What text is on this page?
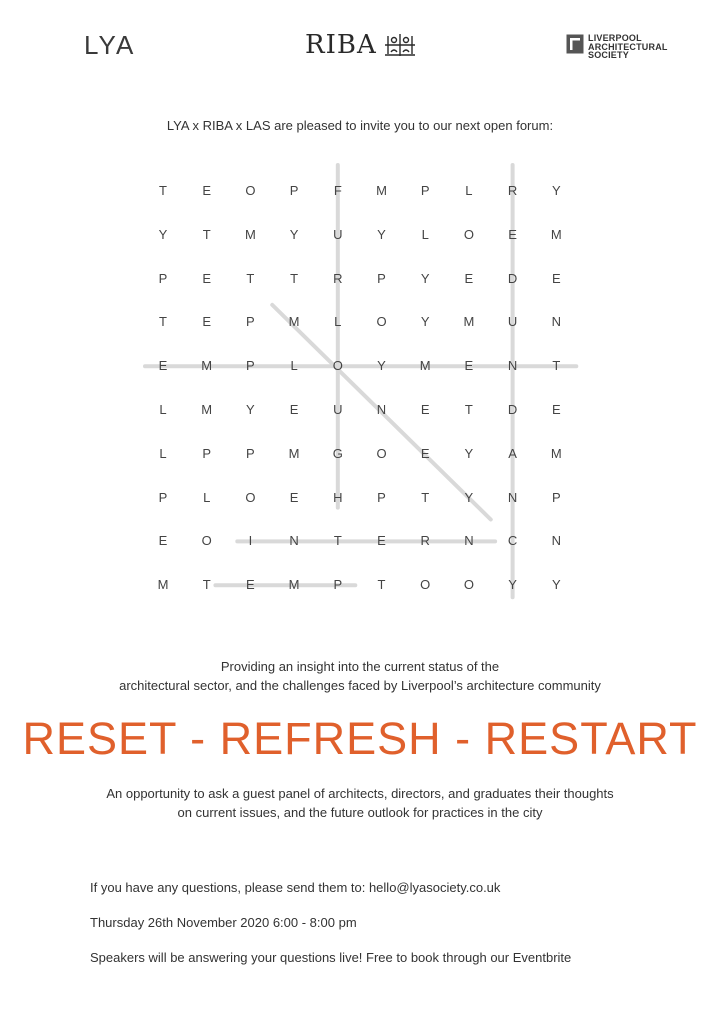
LYA	RIBA	LIVERPOOL
ARCHITECTURAL
SOCIETY
LYA x RIBA x LAS are pleased to invite you to our next open forum:
T	E	O	P	F	M	P	L	R	Y
Y	T	M	Y	U	Y	L	O	E	M
P	E	T	T	R	P	Y	E	D	E
T	E	P	M	L	O	Y	M	U	N
E	M	P	L	O	Y	M	E	N	T
L	M	Y	E	U	N	E	T	D	E
L	P	P	M	G	O	E	Y	A	M
P	L	O	E	H	P	T	Y	N	P
E	O	I	N	T	E	R	N	C	N
M	T	E	M	P	T	O	O	Y	Y
Providing an insight into the current status of the
architectural sector, and the challenges faced by Liverpool’s architecture community
RESET - REFRESH - RESTART
An opportunity to ask a guest panel of architects, directors, and graduates their thoughts
on current issues, and the future outlook for practices in the city
If you have any questions, please send them to: hello@lyasociety.co.uk
Thursday 26th November 2020 6:00 - 8:00 pm
Speakers will be answering your questions live! Free to book through our Eventbrite
